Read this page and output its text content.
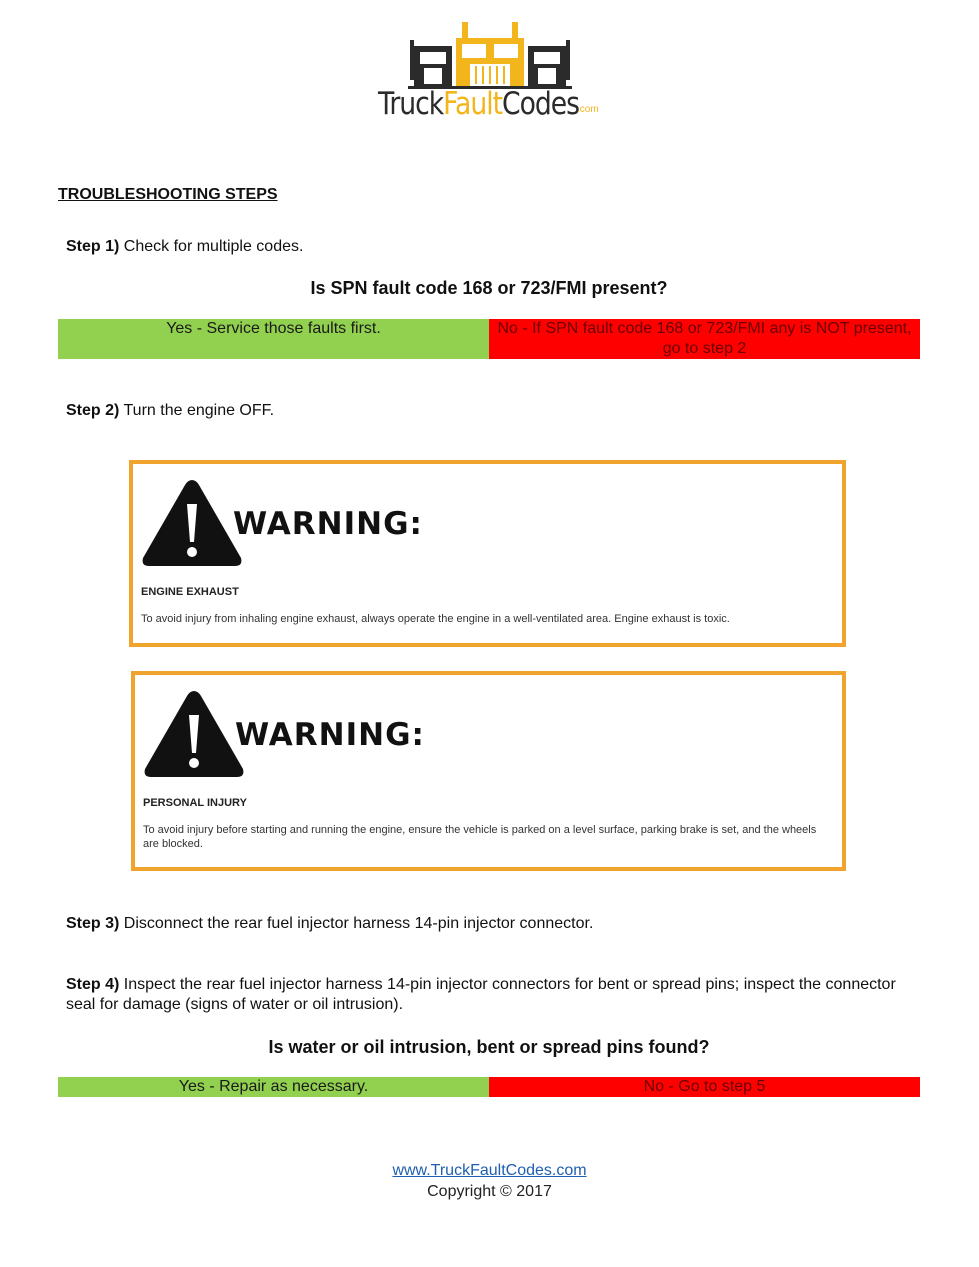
TruckFaultCodes
.com
TROUBLESHOOTING STEPS
Step 1) Check for multiple codes.
Is SPN fault code 168 or 723/FMI present?
Yes - Service those faults first.	No - If SPN fault code 168 or 723/FMI any is NOT present, go to step 2
Step 2) Turn the engine OFF.
WARNING:
ENGINE EXHAUST
To avoid injury from inhaling engine exhaust, always operate the engine in a well-ventilated area. Engine exhaust is toxic.
WARNING:
PERSONAL INJURY
To avoid injury before starting and running the engine, ensure the vehicle is parked on a level surface, parking brake is set, and the wheels are blocked.
Step 3) Disconnect the rear fuel injector harness 14-pin injector connector.
Step 4) Inspect the rear fuel injector harness 14-pin injector connectors for bent or spread pins; inspect the connector seal for damage (signs of water or oil intrusion).
Is water or oil intrusion, bent or spread pins found?
Yes - Repair as necessary.	No - Go to step 5
www.TruckFaultCodes.com
Copyright © 2017
